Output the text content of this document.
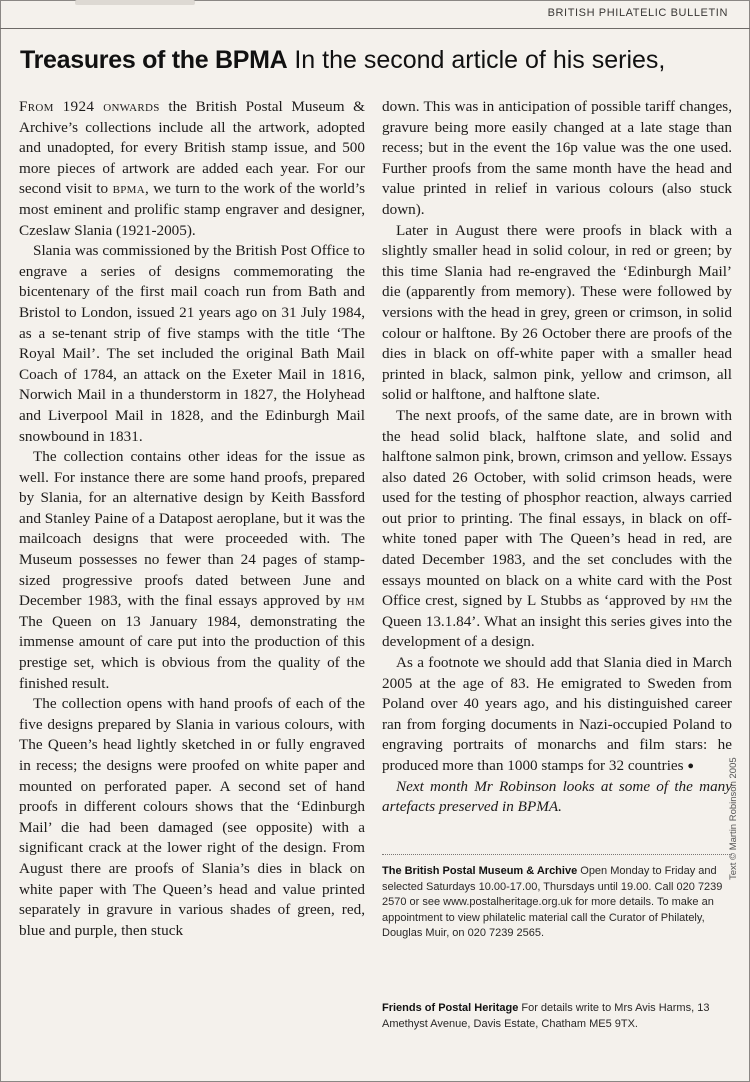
BRITISH PHILATELIC BULLETIN
Treasures of the BPMA In the second article of his series,

From 1924 onwards the British Postal Museum & Archive’s collections include all the artwork, adopted and unadopted, for every British stamp issue, and 500 more pieces of artwork are added each year. For our second visit to bpma, we turn to the work of the world’s most eminent and prolific stamp engraver and designer, Czeslaw Slania (1921-2005).

Slania was commissioned by the British Post Office to engrave a series of designs commemorating the bicentenary of the first mail coach run from Bath and Bristol to London, issued 21 years ago on 31 July 1984, as a se-tenant strip of five stamps with the title ‘The Royal Mail’. The set included the original Bath Mail Coach of 1784, an attack on the Exeter Mail in 1816, Norwich Mail in a thunderstorm in 1827, the Holyhead and Liverpool Mail in 1828, and the Edinburgh Mail snowbound in 1831.

The collection contains other ideas for the issue as well. For instance there are some hand proofs, prepared by Slania, for an alternative design by Keith Bassford and Stanley Paine of a Datapost aeroplane, but it was the mailcoach designs that were proceeded with. The Museum possesses no fewer than 24 pages of stamp-sized progressive proofs dated between June and December 1983, with the final essays approved by hm The Queen on 13 January 1984, demonstrating the immense amount of care put into the production of this prestige set, which is obvious from the quality of the finished result.

The collection opens with hand proofs of each of the five designs prepared by Slania in various colours, with The Queen’s head lightly sketched in or fully engraved in recess; the designs were proofed on white paper and mounted on perforated paper. A second set of hand proofs in different colours shows that the ‘Edinburgh Mail’ die had been damaged (see opposite) with a significant crack at the lower right of the design. From August there are proofs of Slania’s dies in black on white paper with The Queen’s head and value printed separately in gravure in various shades of green, red, blue and purple, then stuck

down. This was in anticipation of possible tariff changes, gravure being more easily changed at a late stage than recess; but in the event the 16p value was the one used. Further proofs from the same month have the head and value printed in relief in various colours (also stuck down).

Later in August there were proofs in black with a slightly smaller head in solid colour, in red or green; by this time Slania had re-engraved the ‘Edinburgh Mail’ die (apparently from memory). These were followed by versions with the head in grey, green or crimson, in solid colour or halftone. By 26 October there are proofs of the dies in black on off-white paper with a smaller head printed in black, salmon pink, yellow and crimson, all solid or halftone, and halftone slate.

The next proofs, of the same date, are in brown with the head solid black, halftone slate, and solid and halftone salmon pink, brown, crimson and yellow. Essays also dated 26 October, with solid crimson heads, were used for the testing of phosphor reaction, always carried out prior to printing. The final essays, in black on off-white toned paper with The Queen’s head in red, are dated December 1983, and the set concludes with the essays mounted on black on a white card with the Post Office crest, signed by L Stubbs as ‘approved by hm the Queen 13.1.84’. What an insight this series gives into the development of a design.

As a footnote we should add that Slania died in March 2005 at the age of 83. He emigrated to Sweden from Poland over 40 years ago, and his distinguished career ran from forging documents in Nazi-occupied Poland to engraving portraits of monarchs and film stars: he produced more than 1000 stamps for 32 countries ●

Next month Mr Robinson looks at some of the many artefacts preserved in BPMA.

The British Postal Museum & Archive Open Monday to Friday and selected Saturdays 10.00-17.00, Thursdays until 19.00. Call 020 7239 2570 or see www.postalheritage.org.uk for more details. To make an appointment to view philatelic material call the Curator of Philately, Douglas Muir, on 020 7239 2565.
Friends of Postal Heritage For details write to Mrs Avis Harms, 13 Amethyst Avenue, Davis Estate, Chatham ME5 9TX.
Text © Martin Robinson 2005
